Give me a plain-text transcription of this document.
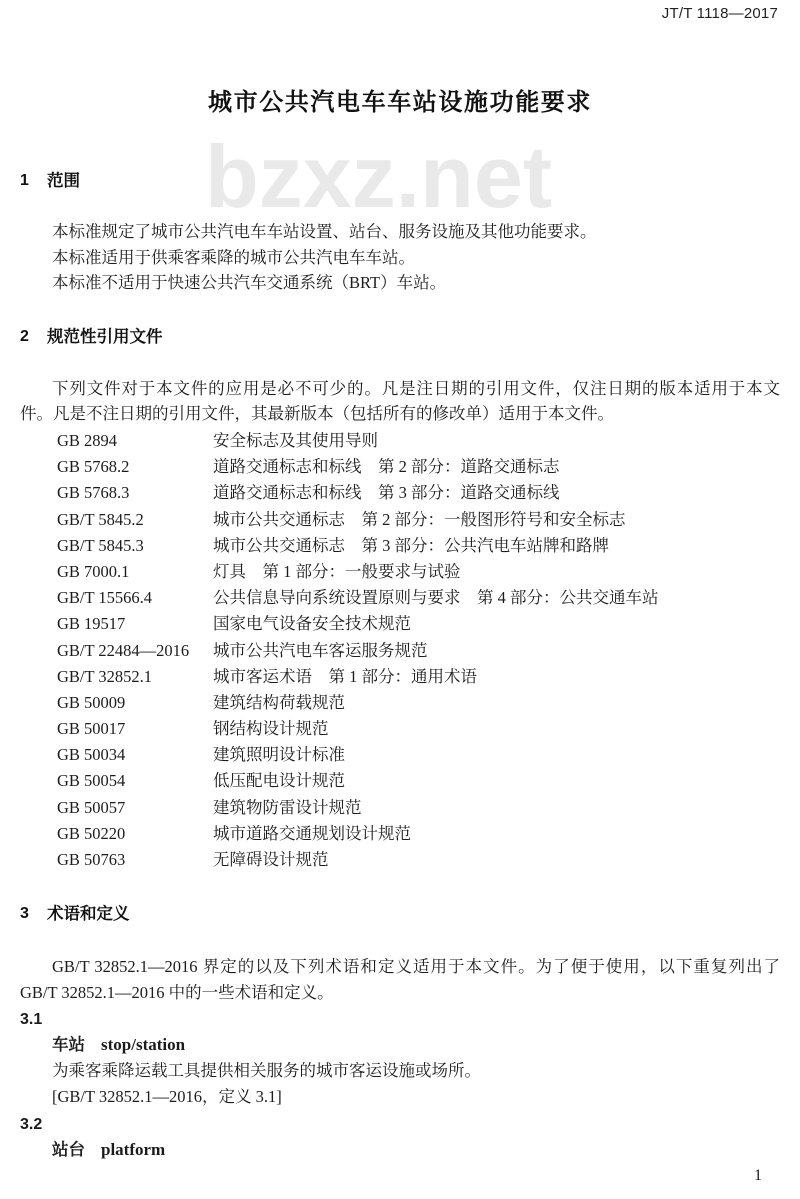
JT/T 1118—2017
城市公共汽电车车站设施功能要求
bzxz.net
1 范围
本标准规定了城市公共汽电车车站设置、站台、服务设施及其他功能要求。
本标准适用于供乘客乘降的城市公共汽电车车站。
本标准不适用于快速公共汽车交通系统（BRT）车站。
2 规范性引用文件
下列文件对于本文件的应用是必不可少的。凡是注日期的引用文件，仅注日期的版本适用于本文
件。凡是不注日期的引用文件，其最新版本（包括所有的修改单）适用于本文件。
GB 2894	安全标志及其使用导则
GB 5768.2	道路交通标志和标线　第 2 部分：道路交通标志
GB 5768.3	道路交通标志和标线　第 3 部分：道路交通标线
GB/T 5845.2	城市公共交通标志　第 2 部分：一般图形符号和安全标志
GB/T 5845.3	城市公共交通标志　第 3 部分：公共汽电车站牌和路牌
GB 7000.1	灯具　第 1 部分：一般要求与试验
GB/T 15566.4	公共信息导向系统设置原则与要求　第 4 部分：公共交通车站
GB 19517	国家电气设备安全技术规范
GB/T 22484—2016	城市公共汽电车客运服务规范
GB/T 32852.1	城市客运术语　第 1 部分：通用术语
GB 50009	建筑结构荷载规范
GB 50017	钢结构设计规范
GB 50034	建筑照明设计标准
GB 50054	低压配电设计规范
GB 50057	建筑物防雷设计规范
GB 50220	城市道路交通规划设计规范
GB 50763	无障碍设计规范
3 术语和定义
GB/T 32852.1—2016 界定的以及下列术语和定义适用于本文件。为了便于使用，以下重复列出了
GB/T 32852.1—2016 中的一些术语和定义。
3.1
车站 stop/station
为乘客乘降运载工具提供相关服务的城市客运设施或场所。
[GB/T 32852.1—2016，定义 3.1]
3.2
站台 platform
1
